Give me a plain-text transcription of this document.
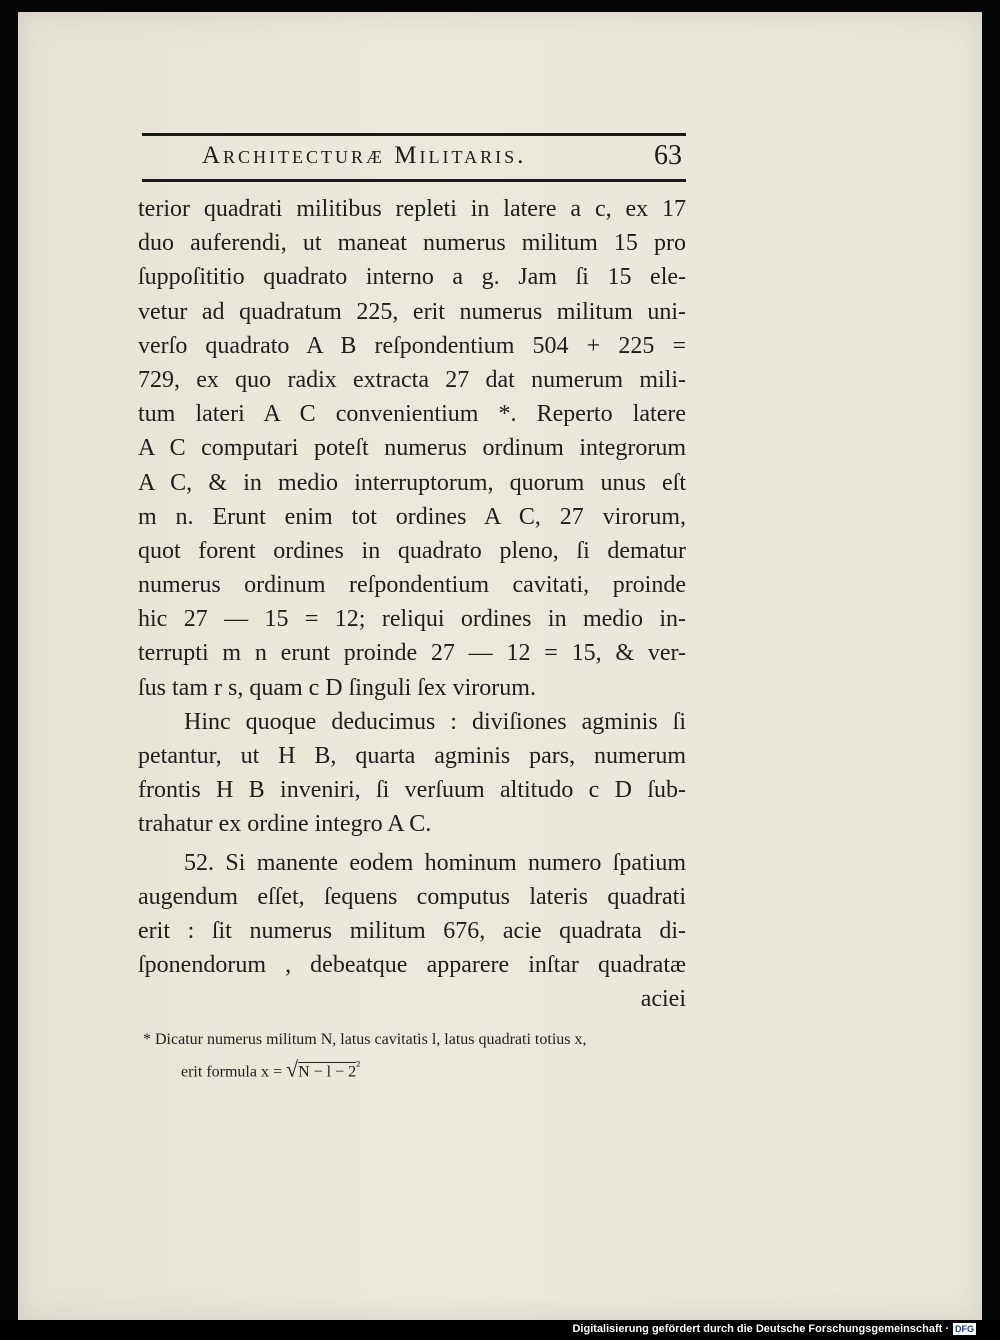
Architecturæ Militaris.	63
terior quadrati militibus repleti in latere a c, ex 17
duo auferendi, ut maneat numerus militum 15 pro
ſuppoſititio quadrato interno a g. Jam ſi 15 ele-
vetur ad quadratum 225, erit numerus militum uni-
verſo quadrato A B reſpondentium 504 + 225 =
729, ex quo radix extracta 27 dat numerum mili-
tum lateri A C convenientium *. Reperto latere
A C computari poteſt numerus ordinum integrorum
A C, & in medio interruptorum, quorum unus eſt
m n. Erunt enim tot ordines A C, 27 virorum,
quot forent ordines in quadrato pleno, ſi dematur
numerus ordinum reſpondentium cavitati, proinde
hic 27 — 15 = 12; reliqui ordines in medio in-
terrupti m n erunt proinde 27 — 12 = 15, & ver-
ſus tam r s, quam c D ſinguli ſex virorum.
Hinc quoque deducimus : diviſiones agminis ſi
petantur, ut H B, quarta agminis pars, numerum
frontis H B inveniri, ſi verſuum altitudo c D ſub-
trahatur ex ordine integro A C.
52. Si manente eodem hominum numero ſpatium
augendum eſſet, ſequens computus lateris quadrati
erit : ſit numerus militum 676, acie quadrata di-
ſponendorum , debeatque apparere inſtar quadratæ
aciei
* Dicatur numerus militum N, latus cavitatis l, latus quadrati totius x,
erit formula $x = √N - l - 2^{^2}$
Digitalisierung gefördert durch die Deutsche Forschungsgemeinschaft · DFG
